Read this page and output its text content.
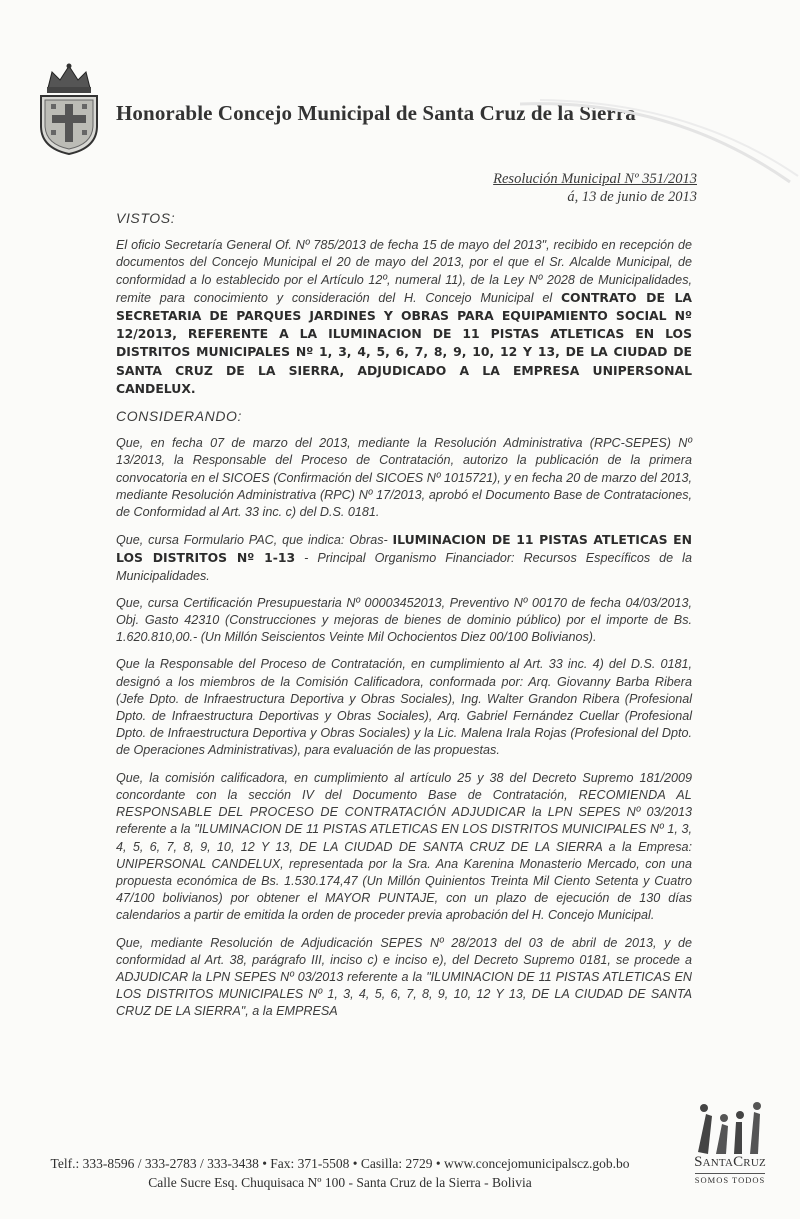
Honorable Concejo Municipal de Santa Cruz de la Sierra
Resolución Municipal Nº 351/2013
á, 13 de junio de 2013

VISTOS:

El oficio Secretaría General Of. Nº 785/2013 de fecha 15 de mayo del 2013", recibido en recepción de documentos del Concejo Municipal el 20 de mayo del 2013, por el que el Sr. Alcalde Municipal, de conformidad a lo establecido por el Artículo 12º, numeral 11), de la Ley Nº 2028 de Municipalidades, remite para conocimiento y consideración del H. Concejo Municipal el CONTRATO DE LA SECRETARIA DE PARQUES JARDINES Y OBRAS PARA EQUIPAMIENTO SOCIAL Nº 12/2013, REFERENTE A LA ILUMINACION DE 11 PISTAS ATLETICAS EN LOS DISTRITOS MUNICIPALES Nº 1, 3, 4, 5, 6, 7, 8, 9, 10, 12 Y 13, DE LA CIUDAD DE SANTA CRUZ DE LA SIERRA, ADJUDICADO A LA EMPRESA UNIPERSONAL CANDELUX.

CONSIDERANDO:

Que, en fecha 07 de marzo del 2013, mediante la Resolución Administrativa (RPC-SEPES) Nº 13/2013, la Responsable del Proceso de Contratación, autorizo la publicación de la primera convocatoria en el SICOES (Confirmación del SICOES Nº 1015721), y en fecha 20 de marzo del 2013, mediante Resolución Administrativa (RPC) Nº 17/2013, aprobó el Documento Base de Contrataciones, de Conformidad al Art. 33 inc. c) del D.S. 0181.

Que, cursa Formulario PAC, que indica: Obras- ILUMINACION DE 11 PISTAS ATLETICAS EN LOS DISTRITOS Nº 1-13 - Principal Organismo Financiador: Recursos Específicos de la Municipalidades.

Que, cursa Certificación Presupuestaria Nº 00003452013, Preventivo Nº 00170 de fecha 04/03/2013, Obj. Gasto 42310 (Construcciones y mejoras de bienes de dominio público) por el importe de Bs. 1.620.810,00.- (Un Millón Seiscientos Veinte Mil Ochocientos Diez 00/100 Bolivianos).

Que la Responsable del Proceso de Contratación, en cumplimiento al Art. 33 inc. 4) del D.S. 0181, designó a los miembros de la Comisión Calificadora, conformada por: Arq. Giovanny Barba Ribera (Jefe Dpto. de Infraestructura Deportiva y Obras Sociales), Ing. Walter Grandon Ribera (Profesional Dpto. de Infraestructura Deportivas y Obras Sociales), Arq. Gabriel Fernández Cuellar (Profesional Dpto. de Infraestructura Deportiva y Obras Sociales) y la Lic. Malena Irala Rojas (Profesional del Dpto. de Operaciones Administrativas), para evaluación de las propuestas.

Que, la comisión calificadora, en cumplimiento al artículo 25 y 38 del Decreto Supremo 181/2009 concordante con la sección IV del Documento Base de Contratación, RECOMIENDA AL RESPONSABLE DEL PROCESO DE CONTRATACIÓN ADJUDICAR la LPN SEPES Nº 03/2013 referente a la "ILUMINACION DE 11 PISTAS ATLETICAS EN LOS DISTRITOS MUNICIPALES Nº 1, 3, 4, 5, 6, 7, 8, 9, 10, 12 Y 13, DE LA CIUDAD DE SANTA CRUZ DE LA SIERRA a la Empresa: UNIPERSONAL CANDELUX, representada por la Sra. Ana Karenina Monasterio Mercado, con una propuesta económica de Bs. 1.530.174,47 (Un Millón Quinientos Treinta Mil Ciento Setenta y Cuatro 47/100 bolivianos) por obtener el MAYOR PUNTAJE, con un plazo de ejecución de 130 días calendarios a partir de emitida la orden de proceder previa aprobación del H. Concejo Municipal.

Que, mediante Resolución de Adjudicación SEPES Nº 28/2013 del 03 de abril de 2013, y de conformidad al Art. 38, parágrafo III, inciso c) e inciso e), del Decreto Supremo 0181, se procede a ADJUDICAR la LPN SEPES Nº 03/2013 referente a la "ILUMINACION DE 11 PISTAS ATLETICAS EN LOS DISTRITOS MUNICIPALES Nº 1, 3, 4, 5, 6, 7, 8, 9, 10, 12 Y 13, DE LA CIUDAD DE SANTA CRUZ DE LA SIERRA", a la EMPRESA

Telf.: 333-8596 / 333-2783 / 333-3438 • Fax: 371-5508 • Casilla: 2729 • www.concejomunicipalscz.gob.bo

Calle Sucre Esq. Chuquisaca Nº 100 - Santa Cruz de la Sierra - Bolivia

SantaCruz
SOMOS TODOS
